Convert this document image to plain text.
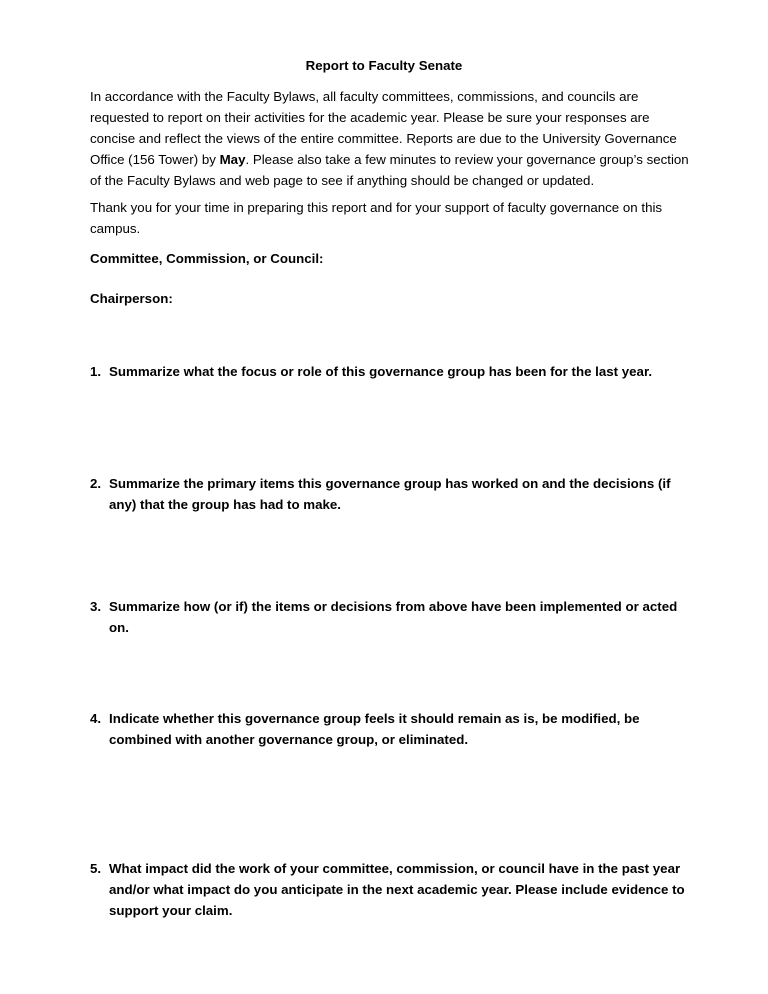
Report to Faculty Senate

In accordance with the Faculty Bylaws, all faculty committees, commissions, and councils are requested to report on their activities for the academic year. Please be sure your responses are concise and reflect the views of the entire committee. Reports are due to the University Governance Office (156 Tower) by May. Please also take a few minutes to review your governance group’s section of the Faculty Bylaws and web page to see if anything should be changed or updated.

Thank you for your time in preparing this report and for your support of faculty governance on this campus.

Committee, Commission, or Council:

Chairperson:

1. Summarize what the focus or role of this governance group has been for the last year.
2. Summarize the primary items this governance group has worked on and the decisions (if any) that the group has had to make.
3. Summarize how (or if) the items or decisions from above have been implemented or acted on.
4. Indicate whether this governance group feels it should remain as is, be modified, be combined with another governance group, or eliminated.
5. What impact did the work of your committee, commission, or council have in the past year and/or what impact do you anticipate in the next academic year. Please include evidence to support your claim.
